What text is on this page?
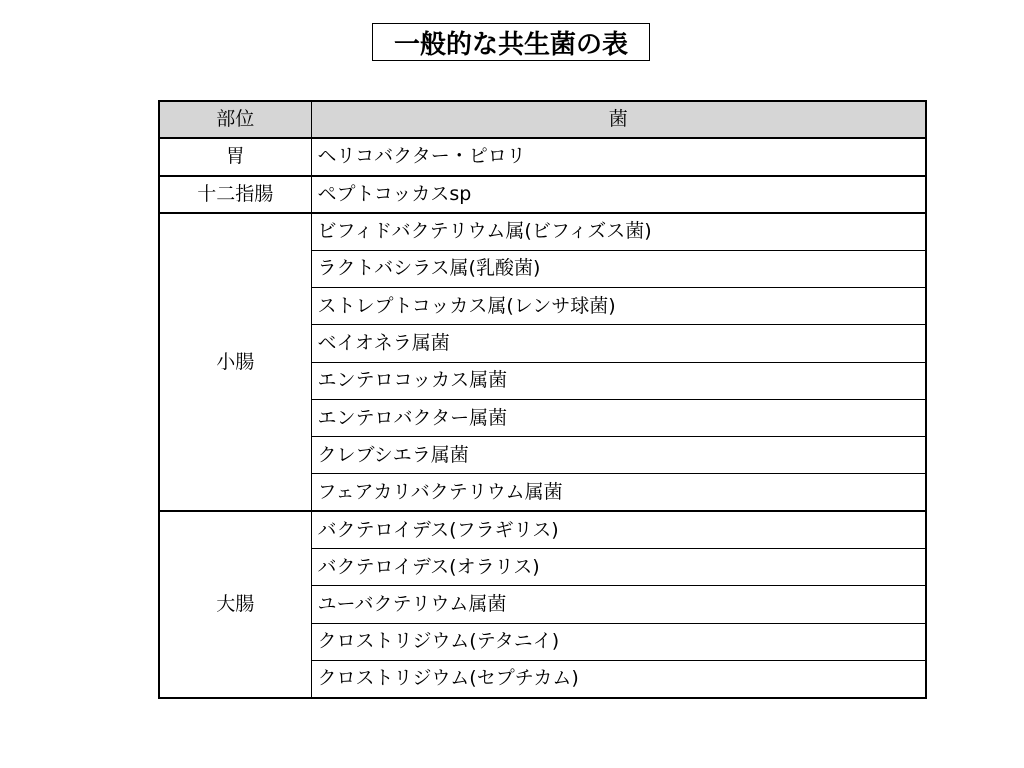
一般的な共生菌の表
部位	菌
胃	ヘリコバクター・ピロリ
十二指腸	ペプトコッカスsp
小腸	ビフィドバクテリウム属(ビフィズス菌)
	ラクトバシラス属(乳酸菌)
	ストレプトコッカス属(レンサ球菌)
	ベイオネラ属菌
	エンテロコッカス属菌
	エンテロバクター属菌
	クレブシエラ属菌
	フェアカリバクテリウム属菌
大腸	バクテロイデス(フラギリス)
	バクテロイデス(オラリス)
	ユーバクテリウム属菌
	クロストリジウム(テタニイ)
	クロストリジウム(セプチカム)
